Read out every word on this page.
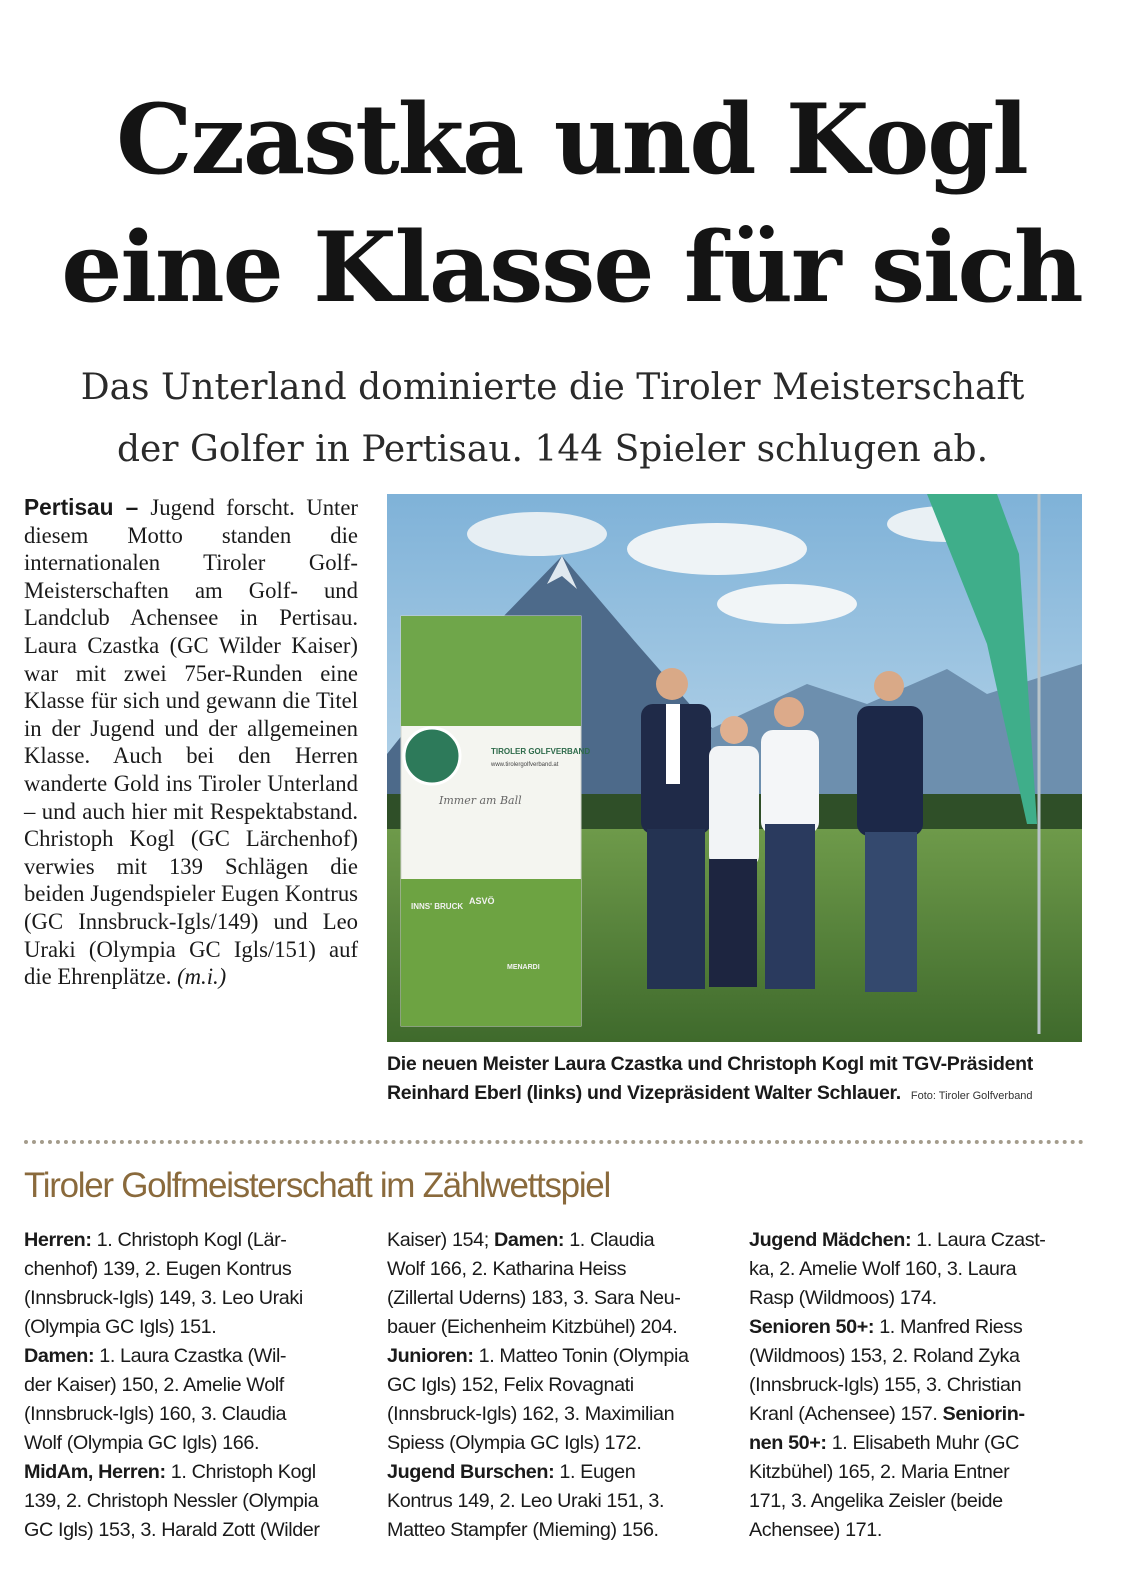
Czastka und Kogl
eine Klasse für sich
Das Unterland dominierte die Tiroler Meisterschaft
der Golfer in Pertisau. 144 Spieler schlugen ab.
Pertisau – Jugend forscht. Unter diesem Motto standen die internationalen Tiroler Golf-Meisterschaften am Golf- und Landclub Achensee in Pertisau. Laura Czastka (GC Wilder Kaiser) war mit zwei 75er-Runden eine Klasse für sich und gewann die Titel in der Jugend und der allgemeinen Klasse. Auch bei den Herren wanderte Gold ins Tiroler Unterland – und auch hier mit Respektabstand. Christoph Kogl (GC Lärchenhof) verwies mit 139 Schlägen die beiden Jugendspieler Eugen Kontrus (GC Innsbruck-Igls/149) und Leo Uraki (Olympia GC Igls/151) auf die Ehrenplätze. (m.i.)
TIROLER GOLFVERBAND
www.tirolergolfverband.at
Immer am Ball
INNS' BRUCK
ASVÖ
MENARDI
Die neuen Meister Laura Czastka und Christoph Kogl mit TGV-Präsident
Reinhard Eberl (links) und Vizepräsident Walter Schlauer. Foto: Tiroler Golfverband
Tiroler Golfmeisterschaft im Zählwettspiel
Herren: 1. Christoph Kogl (Lär-
chenhof) 139, 2. Eugen Kontrus
(Innsbruck-Igls) 149, 3. Leo Uraki
(Olympia GC Igls) 151.
Damen: 1. Laura Czastka (Wil-
der Kaiser) 150, 2. Amelie Wolf
(Innsbruck-Igls) 160, 3. Claudia
Wolf (Olympia GC Igls) 166.
MidAm, Herren: 1. Christoph Kogl
139, 2. Christoph Nessler (Olympia
GC Igls) 153, 3. Harald Zott (Wilder
Kaiser) 154; Damen: 1. Claudia
Wolf 166, 2. Katharina Heiss
(Zillertal Uderns) 183, 3. Sara Neu-
bauer (Eichenheim Kitzbühel) 204.
Junioren: 1. Matteo Tonin (Olympia
GC Igls) 152, Felix Rovagnati
(Innsbruck-Igls) 162, 3. Maximilian
Spiess (Olympia GC Igls) 172.
Jugend Burschen: 1. Eugen
Kontrus 149, 2. Leo Uraki 151, 3.
Matteo Stampfer (Mieming) 156.
Jugend Mädchen: 1. Laura Czast-
ka, 2. Amelie Wolf 160, 3. Laura
Rasp (Wildmoos) 174.
Senioren 50+: 1. Manfred Riess
(Wildmoos) 153, 2. Roland Zyka
(Innsbruck-Igls) 155, 3. Christian
Kranl (Achensee) 157. Seniorin-
nen 50+: 1. Elisabeth Muhr (GC
Kitzbühel) 165, 2. Maria Entner
171, 3. Angelika Zeisler (beide
Achensee) 171.
